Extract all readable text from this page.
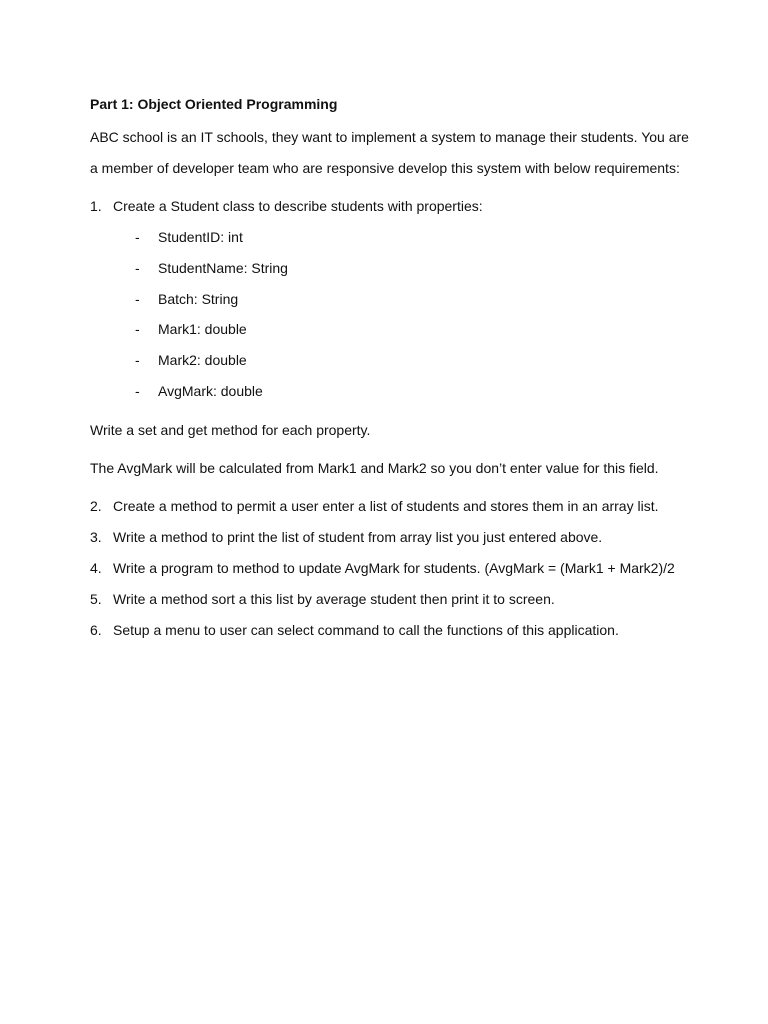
Part 1: Object Oriented Programming

ABC school is an IT schools, they want to implement a system to manage their students. You are a member of developer team who are responsive develop this system with below requirements:

1. Create a Student class to describe students with properties:
- StudentID: int
- StudentName: String
- Batch: String
- Mark1: double
- Mark2: double
- AvgMark: double

Write a set and get method for each property.

The AvgMark will be calculated from Mark1 and Mark2 so you don’t enter value for this field.

2. Create a method to permit a user enter a list of students and stores them in an array list.
3. Write a method to print the list of student from array list you just entered above.
4. Write a program to method to update AvgMark for students. (AvgMark = (Mark1 + Mark2)/2
5. Write a method sort a this list by average student then print it to screen.
6. Setup a menu to user can select command to call the functions of this application.
